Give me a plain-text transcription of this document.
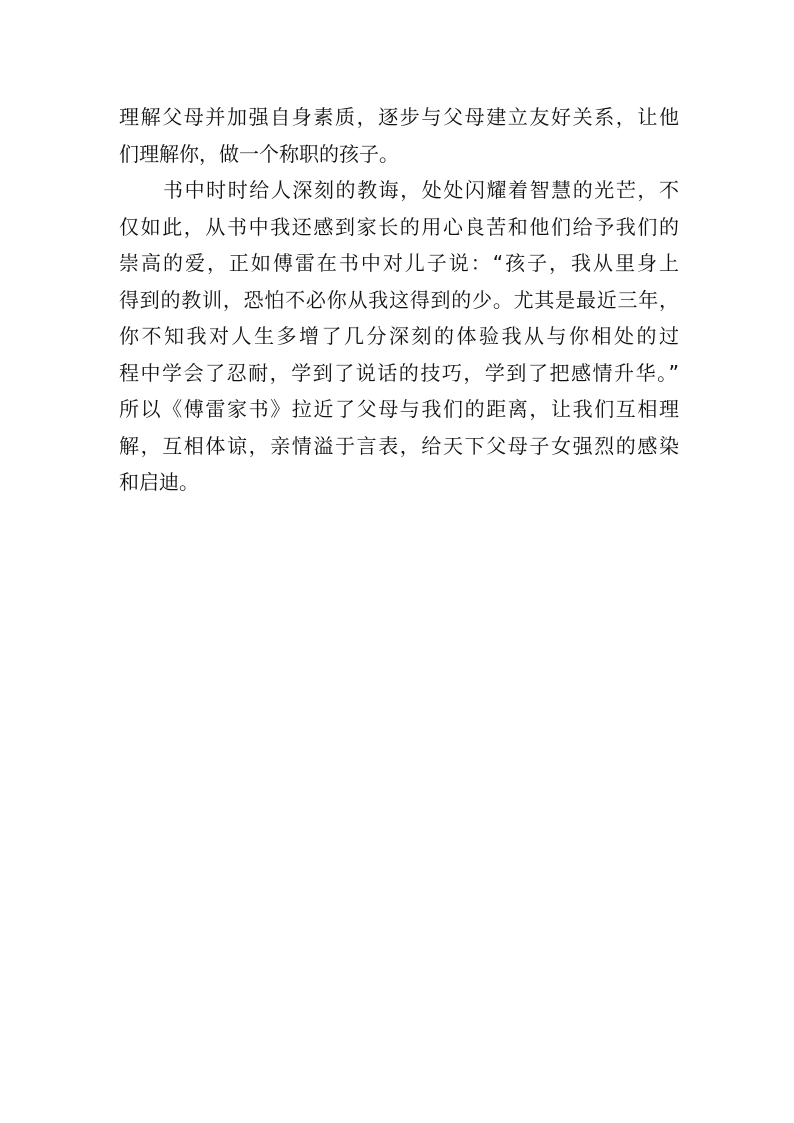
理解父母并加强自身素质，逐步与父母建立友好关系，让他
们理解你，做一个称职的孩子。
书中时时给人深刻的教诲，处处闪耀着智慧的光芒，不
仅如此，从书中我还感到家长的用心良苦和他们给予我们的
崇高的爱，正如傅雷在书中对儿子说：“孩子，我从里身上
得到的教训，恐怕不必你从我这得到的少。尤其是最近三年，
你不知我对人生多增了几分深刻的体验我从与你相处的过
程中学会了忍耐，学到了说话的技巧，学到了把感情升华。”
所以《傅雷家书》拉近了父母与我们的距离，让我们互相理
解，互相体谅，亲情溢于言表，给天下父母子女强烈的感染
和启迪。
